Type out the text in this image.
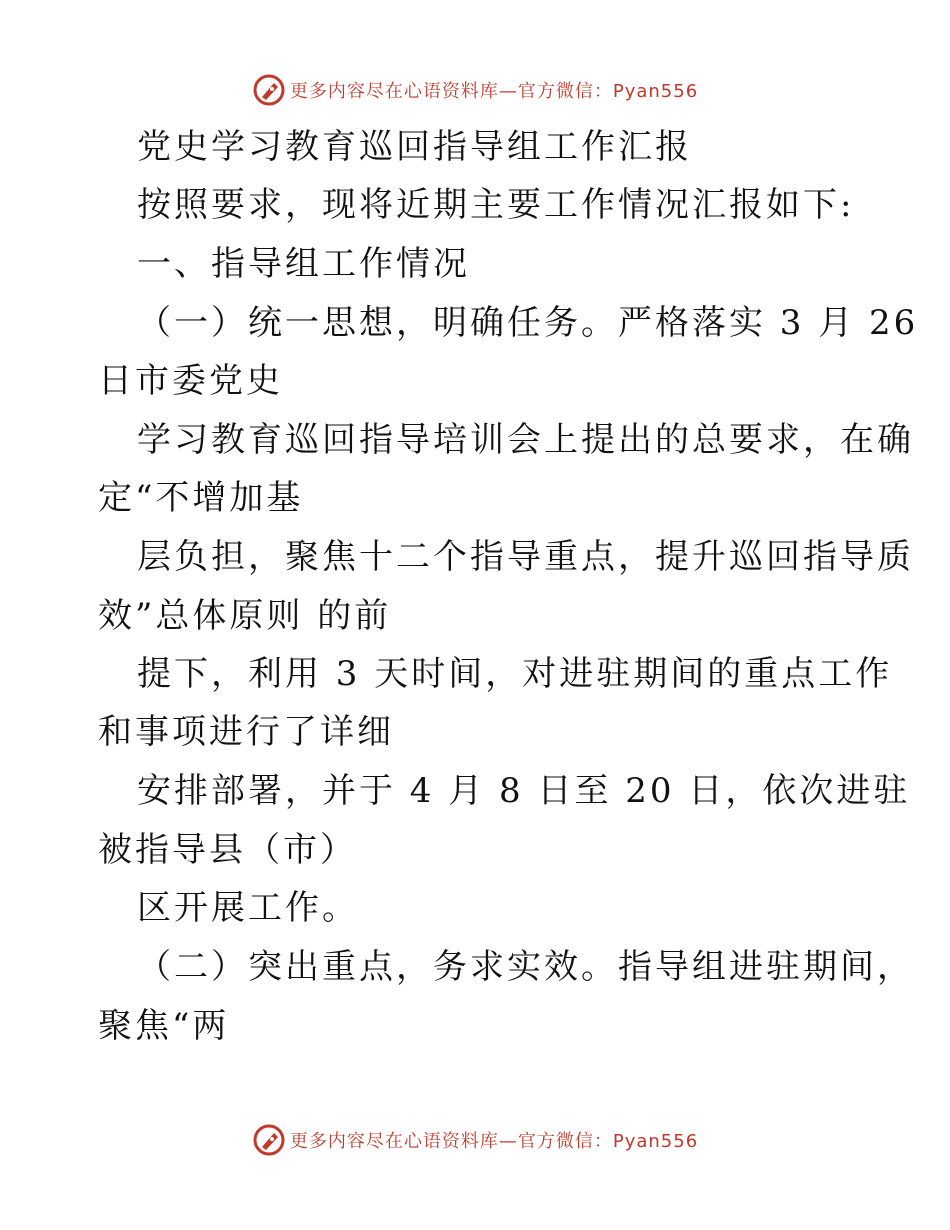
更多内容尽在心语资料库—官方微信：Pyan556
党史学习教育巡回指导组工作汇报
按照要求，现将近期主要工作情况汇报如下:
一、指导组工作情况
（一）统一思想，明确任务。严格落实 3 月 26
日市委党史
学习教育巡回指导培训会上提出的总要求，在确
定“不增加基
层负担，聚焦十二个指导重点，提升巡回指导质
效”总体原则 的前
提下，利用 3 天时间，对进驻期间的重点工作
和事项进行了详细
安排部署，并于 4 月 8 日至 20 日，依次进驻
被指导县（市）
区开展工作。
（二）突出重点，务求实效。指导组进驻期间，
聚焦“两
更多内容尽在心语资料库—官方微信：Pyan556
